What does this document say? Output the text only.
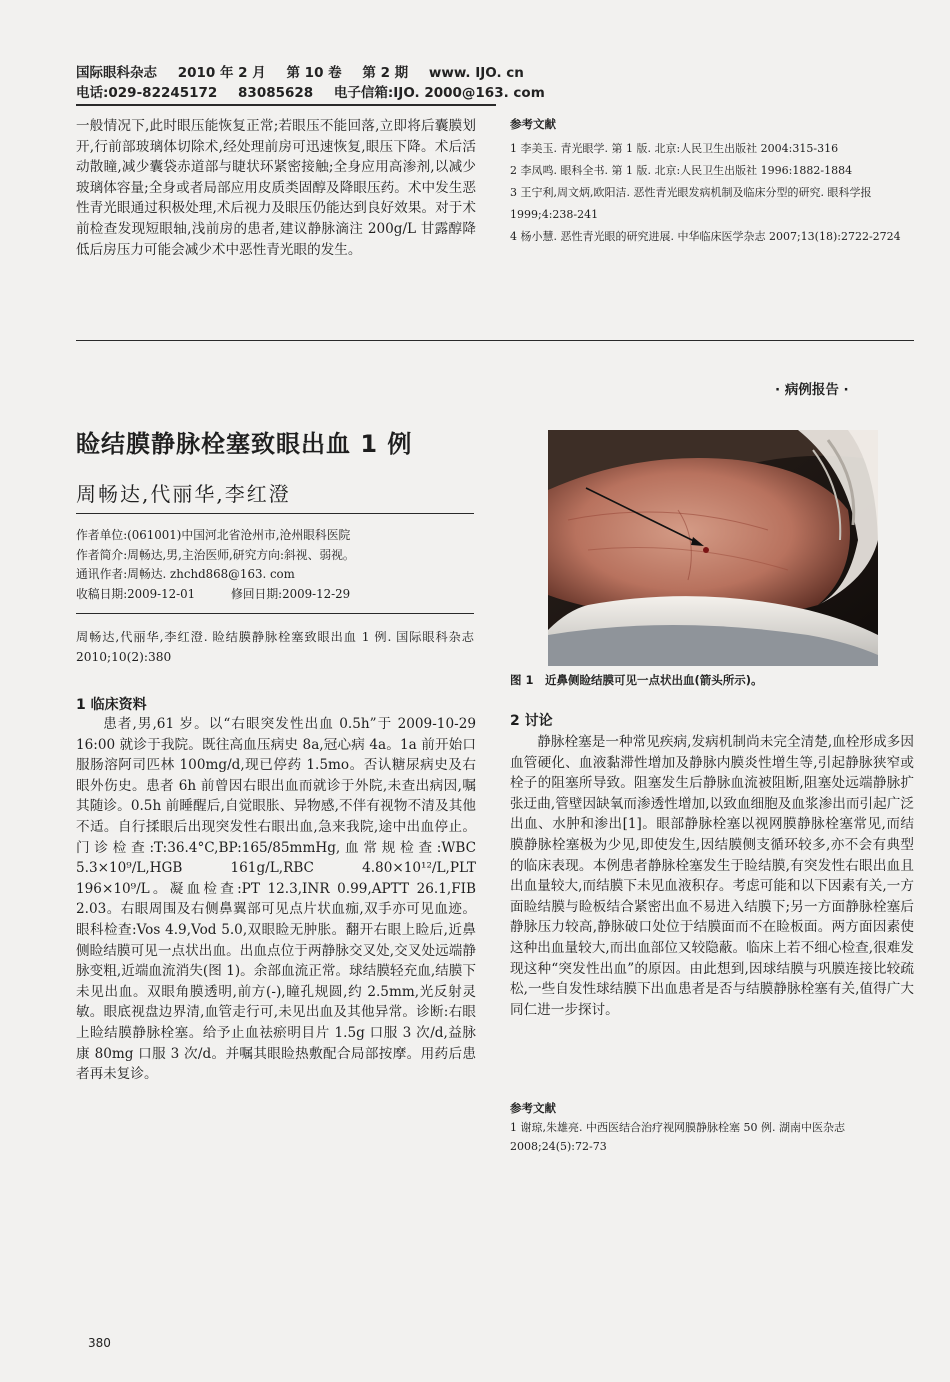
国际眼科杂志 2010 年 2 月 第 10 卷 第 2 期 www. IJO. cn
电话:029-82245172 83085628 电子信箱:IJO. 2000@163. com

一般情况下,此时眼压能恢复正常;若眼压不能回落,立即将后囊膜划开,行前部玻璃体切除术,经处理前房可迅速恢复,眼压下降。术后活动散瞳,减少囊袋赤道部与睫状环紧密接触;全身应用高渗剂,以减少玻璃体容量;全身或者局部应用皮质类固醇及降眼压药。术中发生恶性青光眼通过积极处理,术后视力及眼压仍能达到良好效果。对于术前检查发现短眼轴,浅前房的患者,建议静脉滴注 200g/L 甘露醇降低后房压力可能会减少术中恶性青光眼的发生。

参考文献

1 李美玉. 青光眼学. 第 1 版. 北京:人民卫生出版社 2004:315-316

2 李凤鸣. 眼科全书. 第 1 版. 北京:人民卫生出版社 1996:1882-1884

3 王宁利,周文炳,欧阳洁. 恶性青光眼发病机制及临床分型的研究. 眼科学报 1999;4:238-241

4 杨小慧. 恶性青光眼的研究进展. 中华临床医学杂志 2007;13(18):2722-2724

· 病例报告 ·
睑结膜静脉栓塞致眼出血 1 例
周畅达,代丽华,李红澄
作者单位:(061001)中国河北省沧州市,沧州眼科医院
作者简介:周畅达,男,主治医师,研究方向:斜视、弱视。
通讯作者:周畅达. zhchd868@163. com
收稿日期:2009-12-01	修回日期:2009-12-29
周畅达,代丽华,李红澄. 睑结膜静脉栓塞致眼出血 1 例. 国际眼科杂志 2010;10(2):380
1 临床资料

患者,男,61 岁。以“右眼突发性出血 0.5h”于 2009-10-29 16:00 就诊于我院。既往高血压病史 8a,冠心病 4a。1a 前开始口服肠溶阿司匹林 100mg/d,现已停药 1.5mo。否认糖尿病史及右眼外伤史。患者 6h 前曾因右眼出血而就诊于外院,未查出病因,嘱其随诊。0.5h 前睡醒后,自觉眼胀、异物感,不伴有视物不清及其他不适。自行揉眼后出现突发性右眼出血,急来我院,途中出血停止。门诊检查:T:36.4°C,BP:165/85mmHg,血常规检查:WBC 5.3×10⁹/L,HGB 161g/L,RBC 4.80×10¹²/L,PLT 196×10⁹/L。凝血检查:PT 12.3,INR 0.99,APTT 26.1,FIB 2.03。右眼周围及右侧鼻翼部可见点片状血痂,双手亦可见血迹。眼科检查:Vos 4.9,Vod 5.0,双眼睑无肿胀。翻开右眼上睑后,近鼻侧睑结膜可见一点状出血。出血点位于两静脉交叉处,交叉处远端静脉变粗,近端血流消失(图 1)。余部血流正常。球结膜轻充血,结膜下未见出血。双眼角膜透明,前方(-),瞳孔规圆,约 2.5mm,光反射灵敏。眼底视盘边界清,血管走行可,未见出血及其他异常。诊断:右眼上睑结膜静脉栓塞。给予止血祛瘀明目片 1.5g 口服 3 次/d,益脉康 80mg 口服 3 次/d。并嘱其眼睑热敷配合局部按摩。用药后患者再未复诊。

图 1　近鼻侧睑结膜可见一点状出血(箭头所示)。
2 讨论

静脉栓塞是一种常见疾病,发病机制尚未完全清楚,血栓形成多因血管硬化、血液黏滞性增加及静脉内膜炎性增生等,引起静脉狭窄或栓子的阻塞所导致。阻塞发生后静脉血流被阻断,阻塞处远端静脉扩张迂曲,管壁因缺氧而渗透性增加,以致血细胞及血浆渗出而引起广泛出血、水肿和渗出[1]。眼部静脉栓塞以视网膜静脉栓塞常见,而结膜静脉栓塞极为少见,即使发生,因结膜侧支循环较多,亦不会有典型的临床表现。本例患者静脉栓塞发生于睑结膜,有突发性右眼出血且出血量较大,而结膜下未见血液积存。考虑可能和以下因素有关,一方面睑结膜与睑板结合紧密出血不易进入结膜下;另一方面静脉栓塞后静脉压力较高,静脉破口处位于结膜面而不在睑板面。两方面因素使这种出血量较大,而出血部位又较隐蔽。临床上若不细心检查,很难发现这种“突发性出血”的原因。由此想到,因球结膜与巩膜连接比较疏松,一些自发性球结膜下出血患者是否与结膜静脉栓塞有关,值得广大同仁进一步探讨。

参考文献

1 谢琼,朱雄亮. 中西医结合治疗视网膜静脉栓塞 50 例. 湖南中医杂志 2008;24(5):72-73

380
